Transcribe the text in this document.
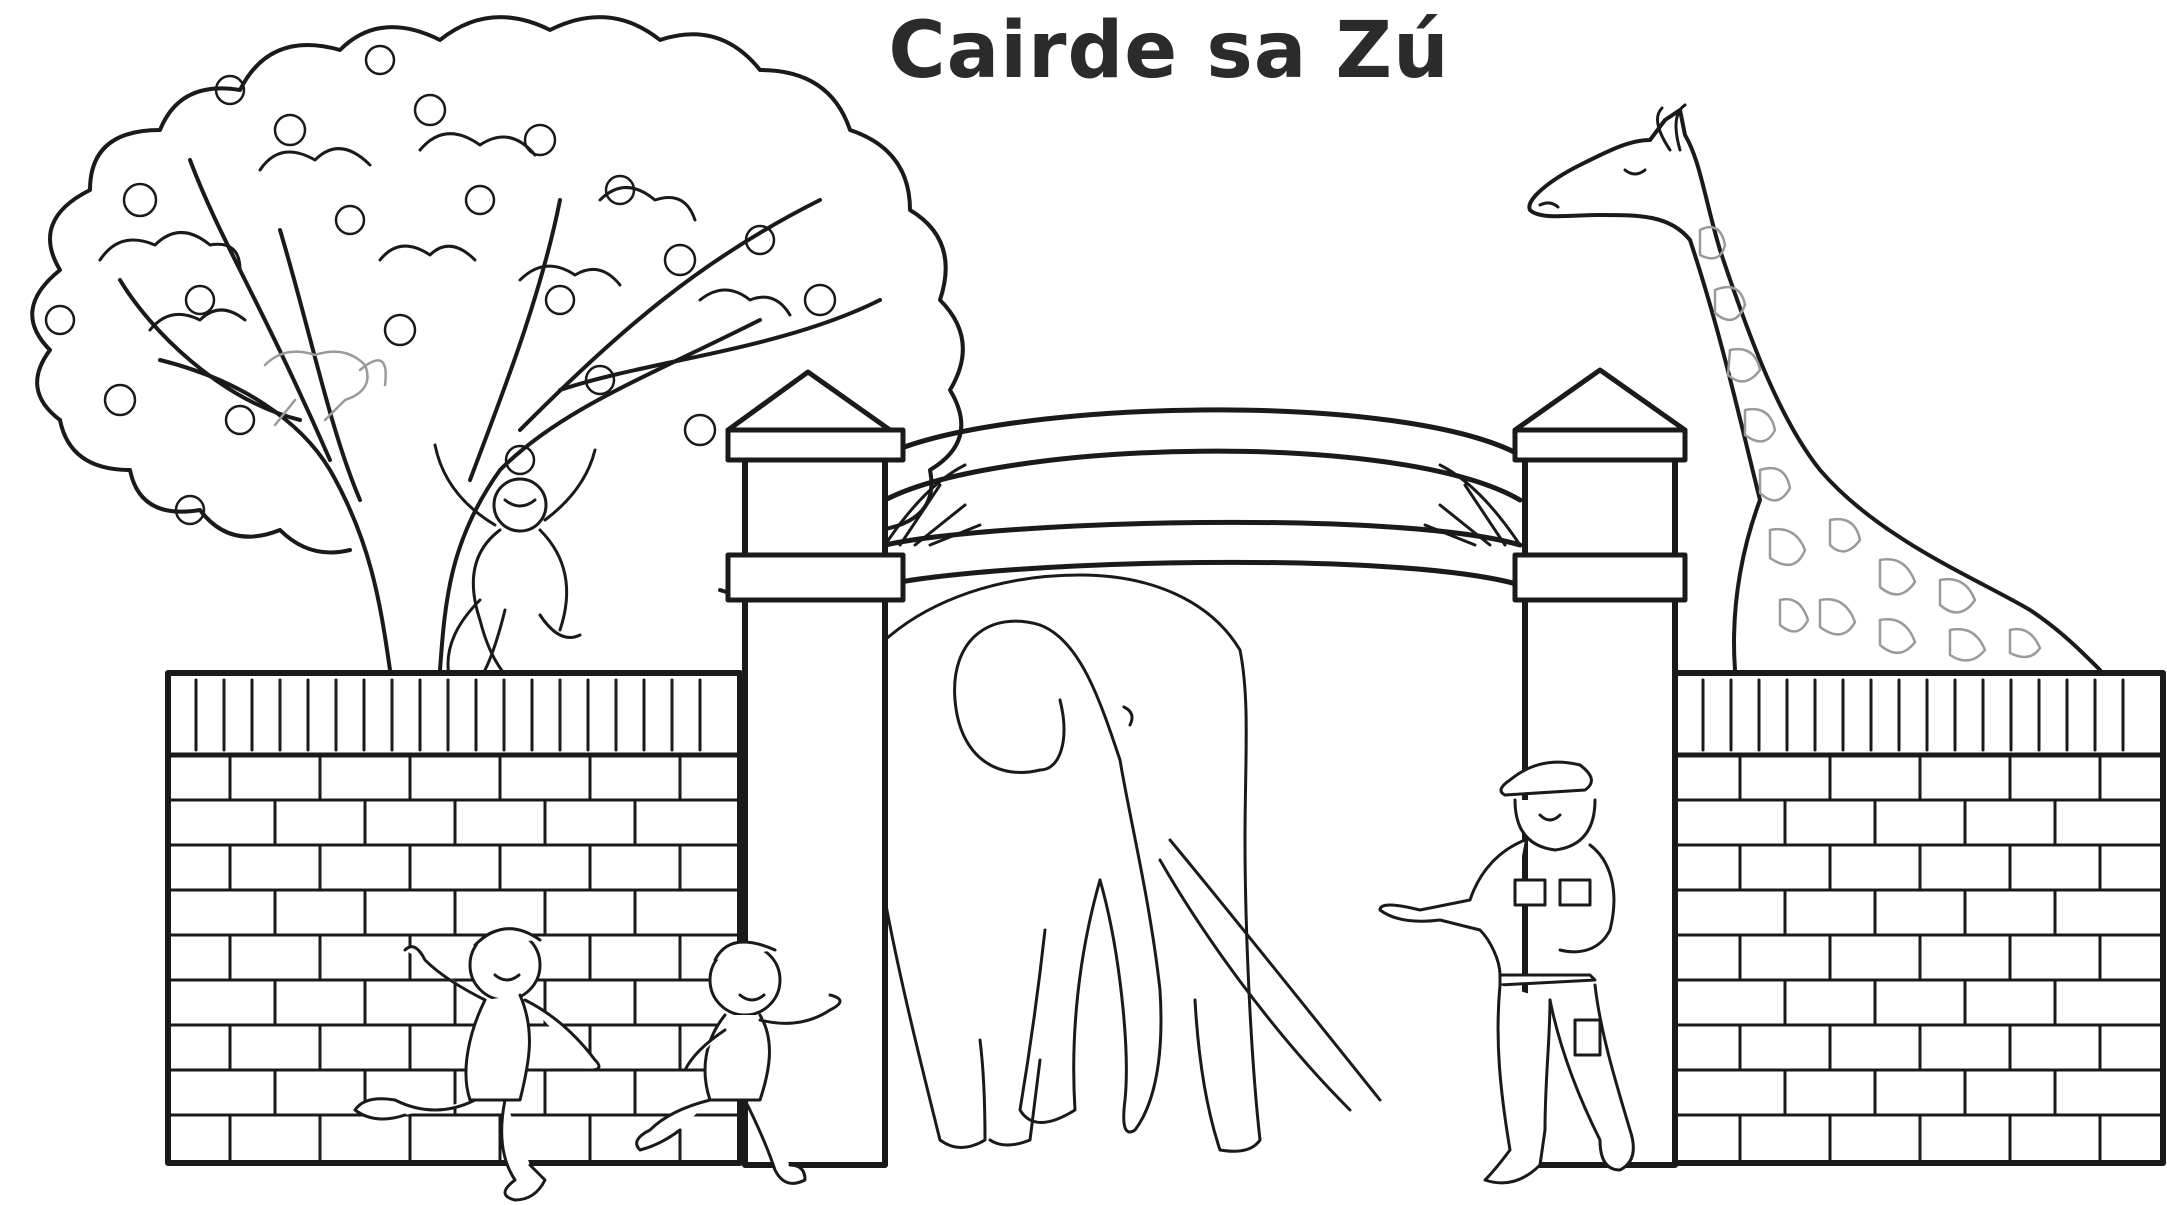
Cairde sa Zú
